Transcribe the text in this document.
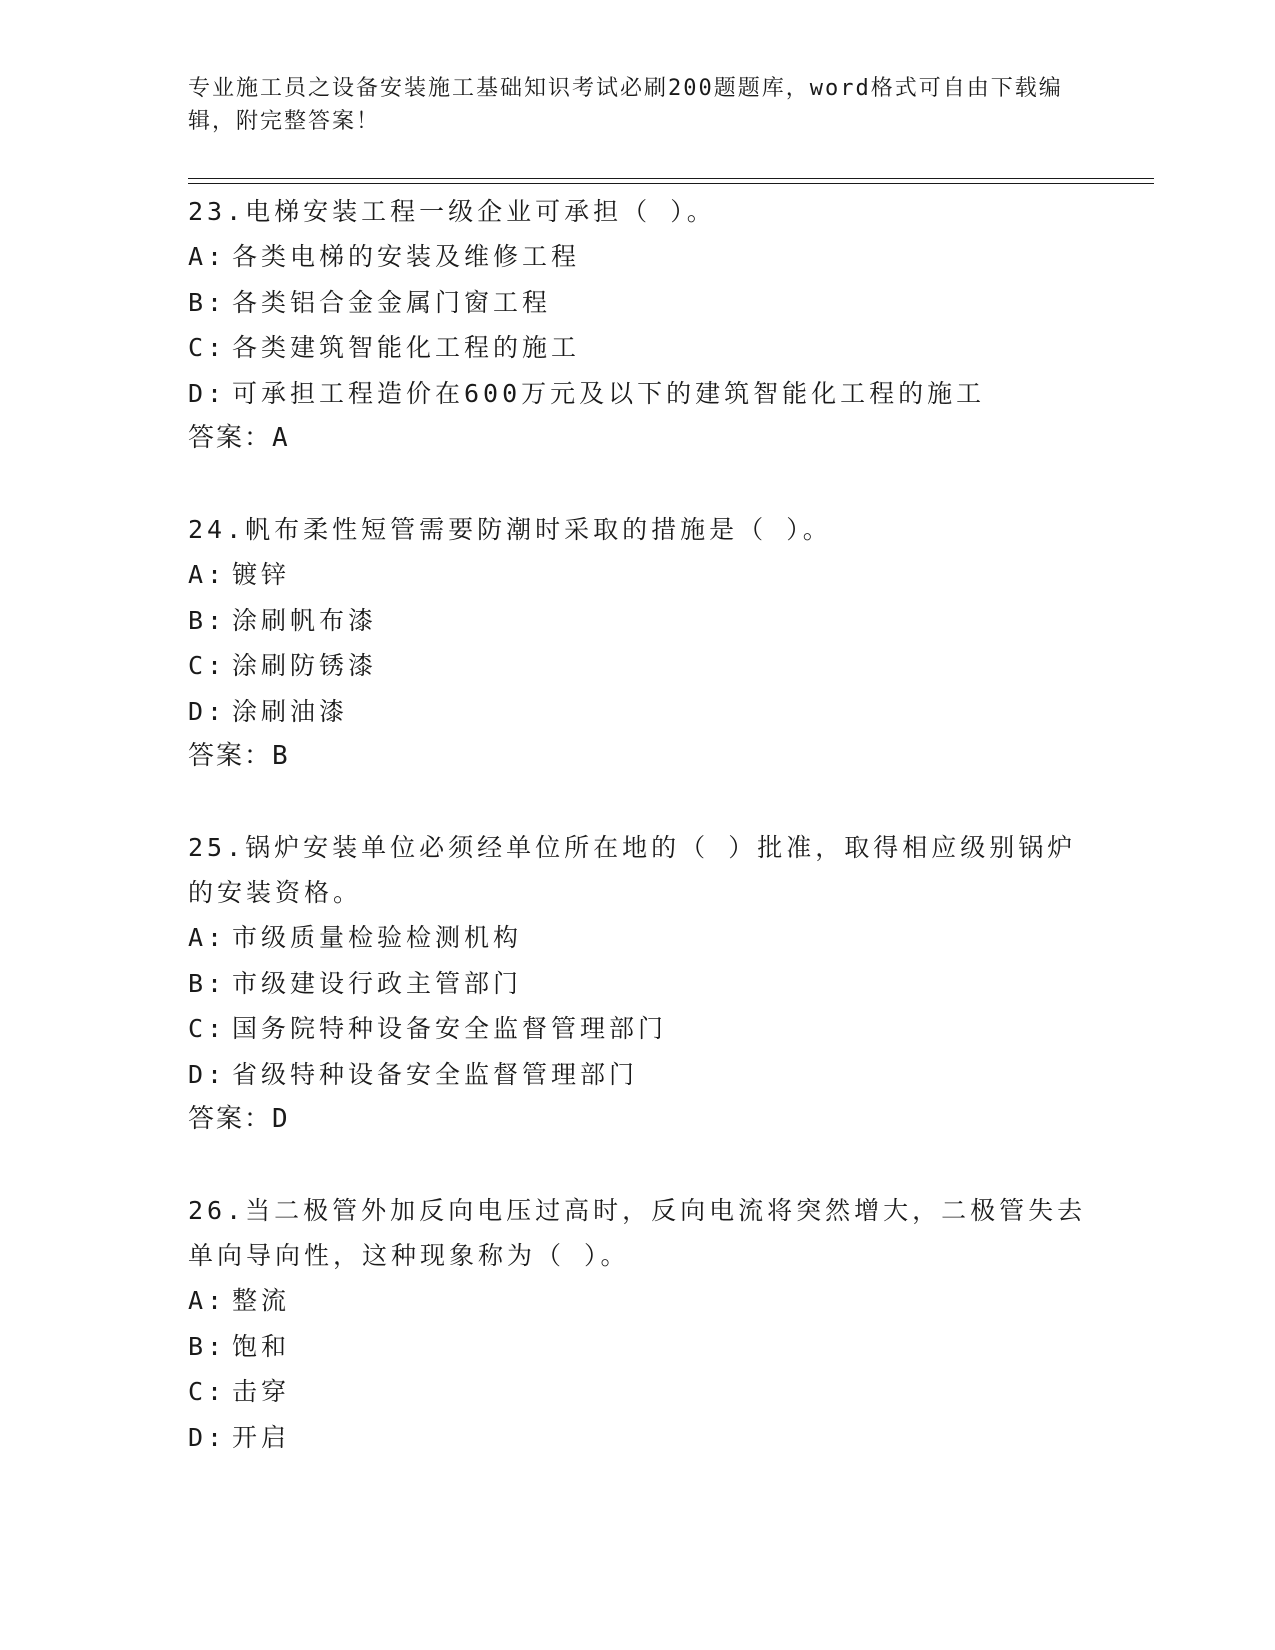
专业施工员之设备安装施工基础知识考试必刷200题题库，word格式可自由下载编辑，附完整答案！

23.电梯安装工程一级企业可承担（ ）。

A: 各类电梯的安装及维修工程
B: 各类铝合金金属门窗工程
C: 各类建筑智能化工程的施工
D: 可承担工程造价在600万元及以下的建筑智能化工程的施工
答案：A

24.帆布柔性短管需要防潮时采取的措施是（ ）。

A: 镀锌
B: 涂刷帆布漆
C: 涂刷防锈漆
D: 涂刷油漆
答案：B

25.锅炉安装单位必须经单位所在地的（ ）批准，取得相应级别锅炉的安装资格。

A: 市级质量检验检测机构
B: 市级建设行政主管部门
C: 国务院特种设备安全监督管理部门
D: 省级特种设备安全监督管理部门
答案：D

26.当二极管外加反向电压过高时，反向电流将突然增大，二极管失去单向导向性，这种现象称为（ ）。

A: 整流
B: 饱和
C: 击穿
D: 开启
